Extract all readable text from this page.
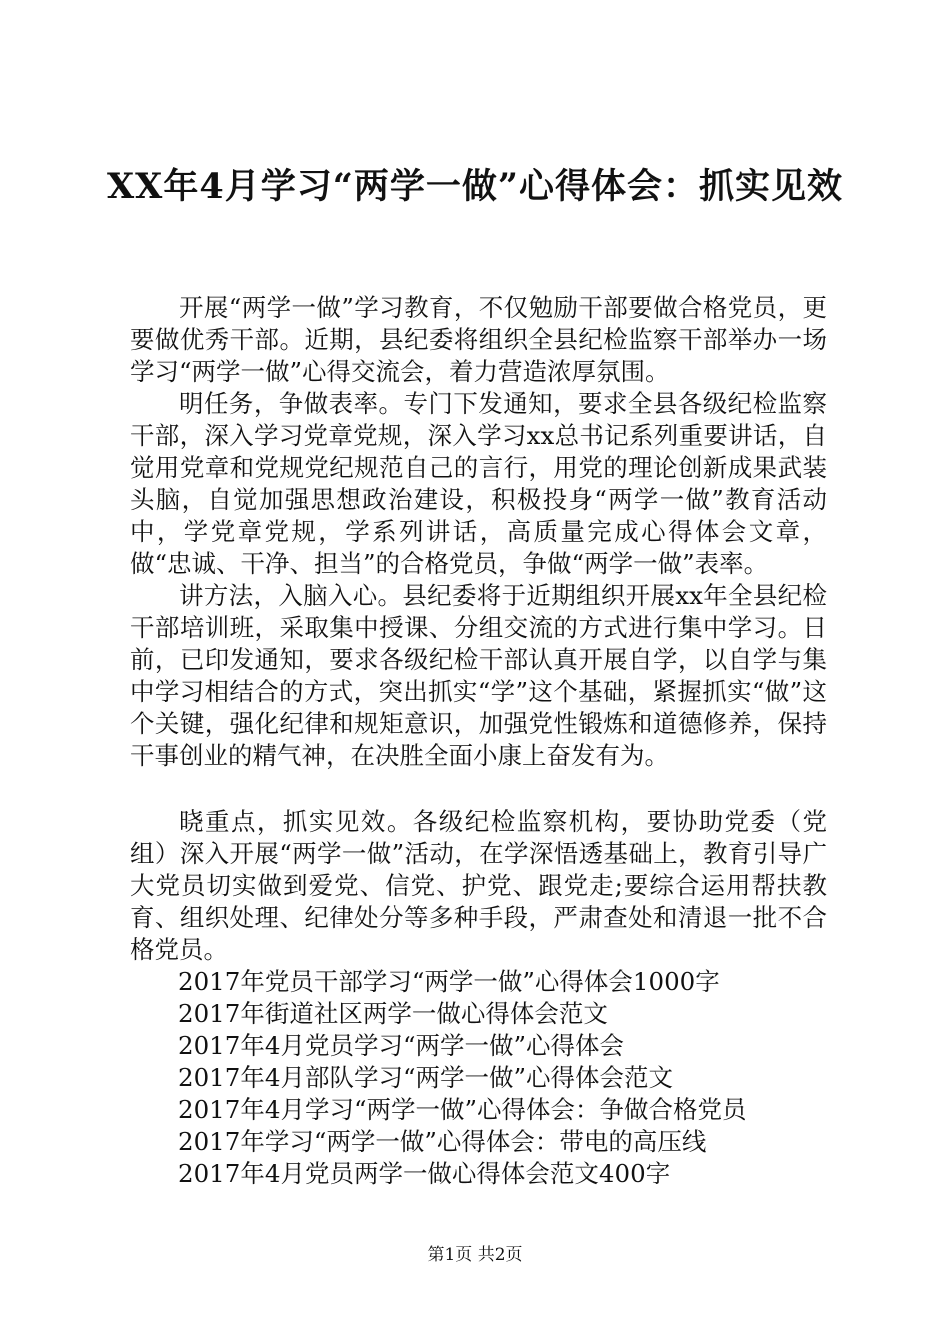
XX年4月学习“两学一做”心得体会：抓实见效

开展“两学一做”学习教育，不仅勉励干部要做合格党员，更要做优秀干部。近期，县纪委将组织全县纪检监察干部举办一场学习“两学一做”心得交流会，着力营造浓厚氛围。

明任务，争做表率。专门下发通知，要求全县各级纪检监察干部，深入学习党章党规，深入学习xx总书记系列重要讲话，自觉用党章和党规党纪规范自己的言行，用党的理论创新成果武装头脑，自觉加强思想政治建设，积极投身“两学一做”教育活动中，学党章党规，学系列讲话，高质量完成心得体会文章，做“忠诚、干净、担当”的合格党员，争做“两学一做”表率。

讲方法，入脑入心。县纪委将于近期组织开展xx年全县纪检干部培训班，采取集中授课、分组交流的方式进行集中学习。日前，已印发通知，要求各级纪检干部认真开展自学，以自学与集中学习相结合的方式，突出抓实“学”这个基础，紧握抓实“做”这个关键，强化纪律和规矩意识，加强党性锻炼和道德修养，保持干事创业的精气神，在决胜全面小康上奋发有为。

晓重点，抓实见效。各级纪检监察机构，要协助党委（党组）深入开展“两学一做”活动，在学深悟透基础上，教育引导广大党员切实做到爱党、信党、护党、跟党走;要综合运用帮扶教育、组织处理、纪律处分等多种手段，严肃查处和清退一批不合格党员。

2017年党员干部学习“两学一做”心得体会1000字
2017年街道社区两学一做心得体会范文
2017年4月党员学习“两学一做”心得体会
2017年4月部队学习“两学一做”心得体会范文
2017年4月学习“两学一做”心得体会：争做合格党员
2017年学习“两学一做”心得体会：带电的高压线
2017年4月党员两学一做心得体会范文400字
第1页 共2页
